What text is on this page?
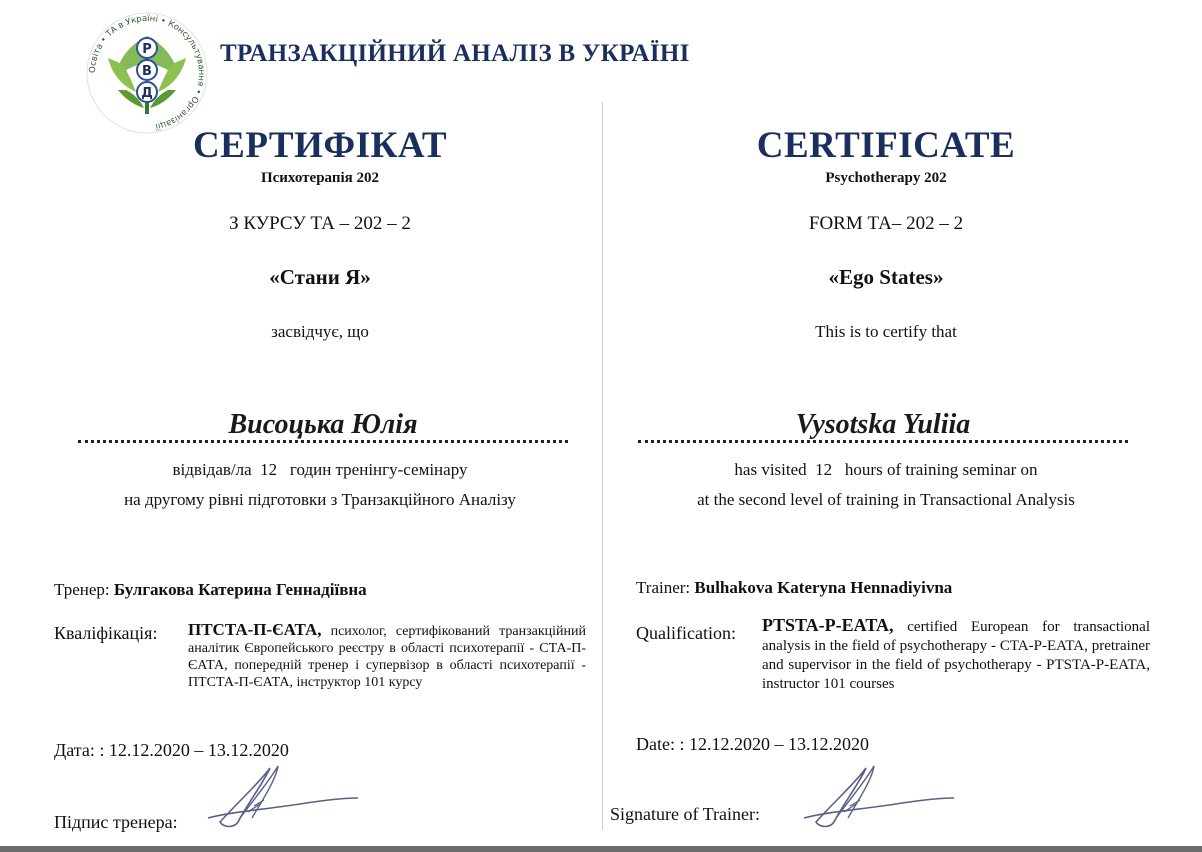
Освіта • ТА в Україні • Консультування • Організації
Р
В
Д
ТРАНЗАКЦІЙНИЙ АНАЛІЗ В УКРАЇНІ
СЕРТИФІКАТ
Психотерапія 202
З КУРСУ ТА – 202 – 2
«Стани Я»
засвідчує, що
Висоцька Юлія
відвідав/ла 12 годин тренінгу-семінару
на другому рівні підготовки з Транзакційного Аналізу
Тренер: Булгакова Катерина Геннадіївна
Кваліфікація: ПТСТА-П-ЄАТА, психолог, сертифікований транзакційний аналітик Європейського реєстру в області психотерапії - СТА-П-ЄАТА, попередній тренер і супервізор в області психотерапії - ПТСТА-П-ЄАТА, інструктор 101 курсу
Дата: : 12.12.2020 – 13.12.2020
Підпис тренера:
CERTIFICATE
Psychotherapy 202
FORM ТА– 202 – 2
«Ego States»
This is to certify that
Vysotska Yuliia
has visited 12 hours of training seminar on
at the second level of training in Transactional Analysis
Trainer: Bulhakova Kateryna Hennadiyivna
Qualification: PTSTA-P-EATA, certified European for transactional analysis in the field of psychotherapy - CTA-P-EATA, pretrainer and supervisor in the field of psychotherapy - PTSTA-P-EATA, instructor 101 courses
Date: : 12.12.2020 – 13.12.2020
Signature of Trainer:
